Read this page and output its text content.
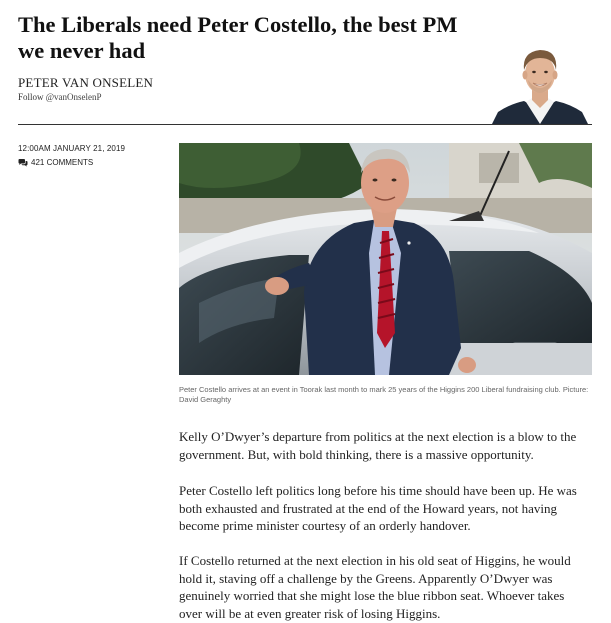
The Liberals need Peter Costello, the best PM we never had
PETER VAN ONSELEN
Follow @vanOnselenP
12:00AM JANUARY 21, 2019
421 COMMENTS
Peter Costello arrives at an event in Toorak last month to mark 25 years of the Higgins 200 Liberal fundraising club. Picture: David Geraghty

Kelly O’Dwyer’s departure from politics at the next election is a blow to the government. But, with bold thinking, there is a massive opportunity.

Peter Costello left politics long before his time should have been up. He was both exhausted and frustrated at the end of the Howard years, not having become prime minister courtesy of an orderly handover.

If Costello returned at the next election in his old seat of Higgins, he would hold it, staving off a challenge by the Greens. Apparently O’Dwyer was genuinely worried that she might lose the blue ribbon seat. Whoever takes over will be at even greater risk of losing Higgins.
